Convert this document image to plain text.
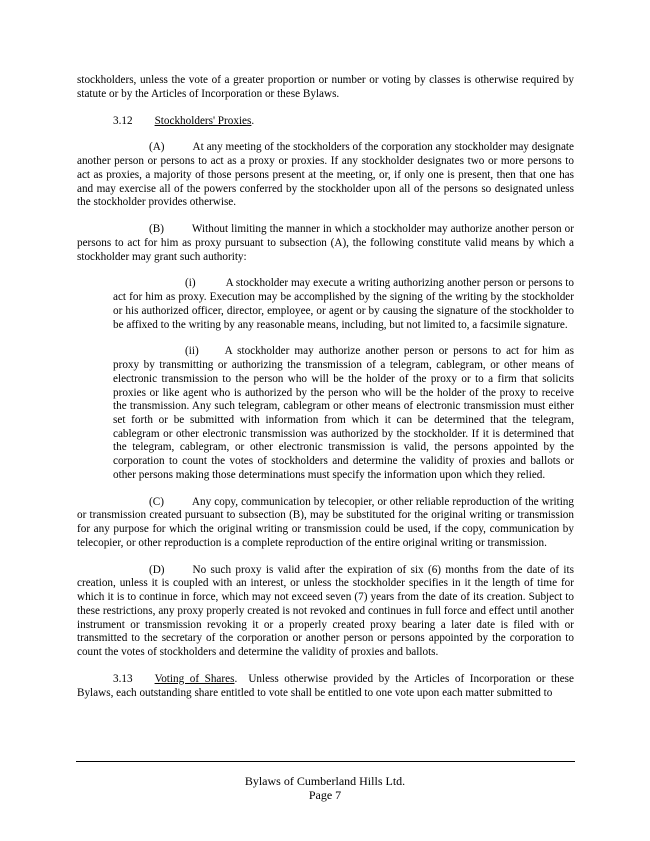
stockholders, unless the vote of a greater proportion or number or voting by classes is otherwise required by statute or by the Articles of Incorporation or these Bylaws.

3.12 Stockholders' Proxies.

(A)	At any meeting of the stockholders of the corporation any stockholder may designate another person or persons to act as a proxy or proxies. If any stockholder designates two or more persons to act as proxies, a majority of those persons present at the meeting, or, if only one is present, then that one has and may exercise all of the powers conferred by the stockholder upon all of the persons so designated unless the stockholder provides otherwise.

(B)	Without limiting the manner in which a stockholder may authorize another person or persons to act for him as proxy pursuant to subsection (A), the following constitute valid means by which a stockholder may grant such authority:

(i)	A stockholder may execute a writing authorizing another person or persons to act for him as proxy. Execution may be accomplished by the signing of the writing by the stockholder or his authorized officer, director, employee, or agent or by causing the signature of the stockholder to be affixed to the writing by any reasonable means, including, but not limited to, a facsimile signature.

(ii) A stockholder may authorize another person or persons to act for him as proxy by transmitting or authorizing the transmission of a telegram, cablegram, or other means of electronic transmission to the person who will be the holder of the proxy or to a firm that solicits proxies or like agent who is authorized by the person who will be the holder of the proxy to receive the transmission. Any such telegram, cablegram or other means of electronic transmission must either set forth or be submitted with information from which it can be determined that the telegram, cablegram or other electronic transmission was authorized by the stockholder. If it is determined that the telegram, cablegram, or other electronic transmission is valid, the persons appointed by the corporation to count the votes of stockholders and determine the validity of proxies and ballots or other persons making those determinations must specify the information upon which they relied.

(C)	Any copy, communication by telecopier, or other reliable reproduction of the writing or transmission created pursuant to subsection (B), may be substituted for the original writing or transmission for any purpose for which the original writing or transmission could be used, if the copy, communication by telecopier, or other reproduction is a complete reproduction of the entire original writing or transmission.

(D)	No such proxy is valid after the expiration of six (6) months from the date of its creation, unless it is coupled with an interest, or unless the stockholder specifies in it the length of time for which it is to continue in force, which may not exceed seven (7) years from the date of its creation. Subject to these restrictions, any proxy properly created is not revoked and continues in full force and effect until another instrument or transmission revoking it or a properly created proxy bearing a later date is filed with or transmitted to the secretary of the corporation or another person or persons appointed by the corporation to count the votes of stockholders and determine the validity of proxies and ballots.

3.13 Voting of Shares. Unless otherwise provided by the Articles of Incorporation or these Bylaws, each outstanding share entitled to vote shall be entitled to one vote upon each matter submitted to

Bylaws of Cumberland Hills Ltd.
Page 7
